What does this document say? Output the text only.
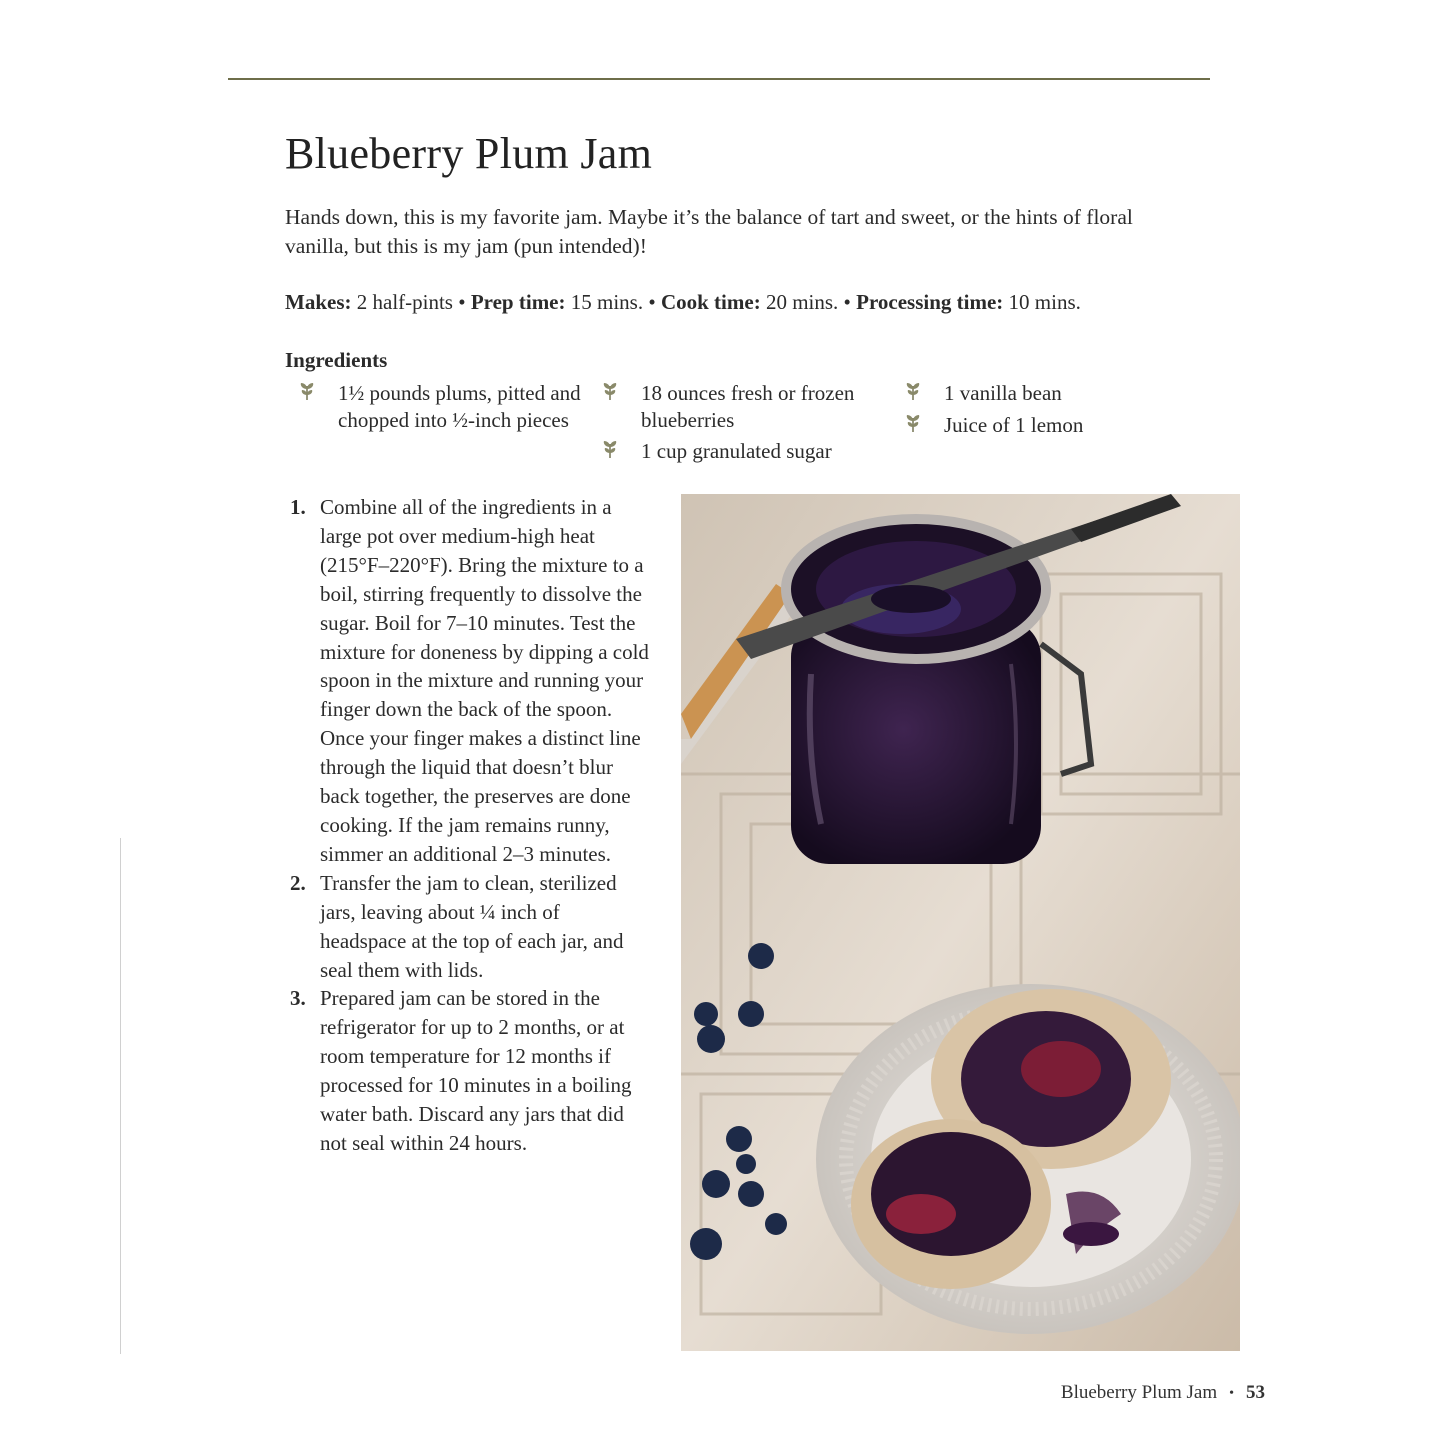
Blueberry Plum Jam

Hands down, this is my favorite jam. Maybe it’s the balance of tart and sweet, or the hints of floral vanilla, but this is my jam (pun intended)!

Makes: 2 half-pints • Prep time: 15 mins. • Cook time: 20 mins. • Processing time: 10 mins.

Ingredients
1½ pounds plums, pitted and chopped into ½-inch pieces
18 ounces fresh or frozen blueberries
1 cup granulated sugar
1 vanilla bean
Juice of 1 lemon
1. Combine all of the ingredients in a large pot over medium-high heat (215°F–220°F). Bring the mixture to a boil, stirring frequently to dissolve the sugar. Boil for 7–10 minutes. Test the mixture for doneness by dipping a cold spoon in the mixture and running your finger down the back of the spoon. Once your finger makes a distinct line through the liquid that doesn’t blur back together, the preserves are done cooking. If the jam remains runny, simmer an additional 2–3 minutes.
2. Transfer the jam to clean, sterilized jars, leaving about ¼ inch of headspace at the top of each jar, and seal them with lids.
3. Prepared jam can be stored in the refrigerator for up to 2 months, or at room temperature for 12 months if processed for 10 minutes in a boiling water bath. Discard any jars that did not seal within 24 hours.
Blueberry Plum Jam • 53
